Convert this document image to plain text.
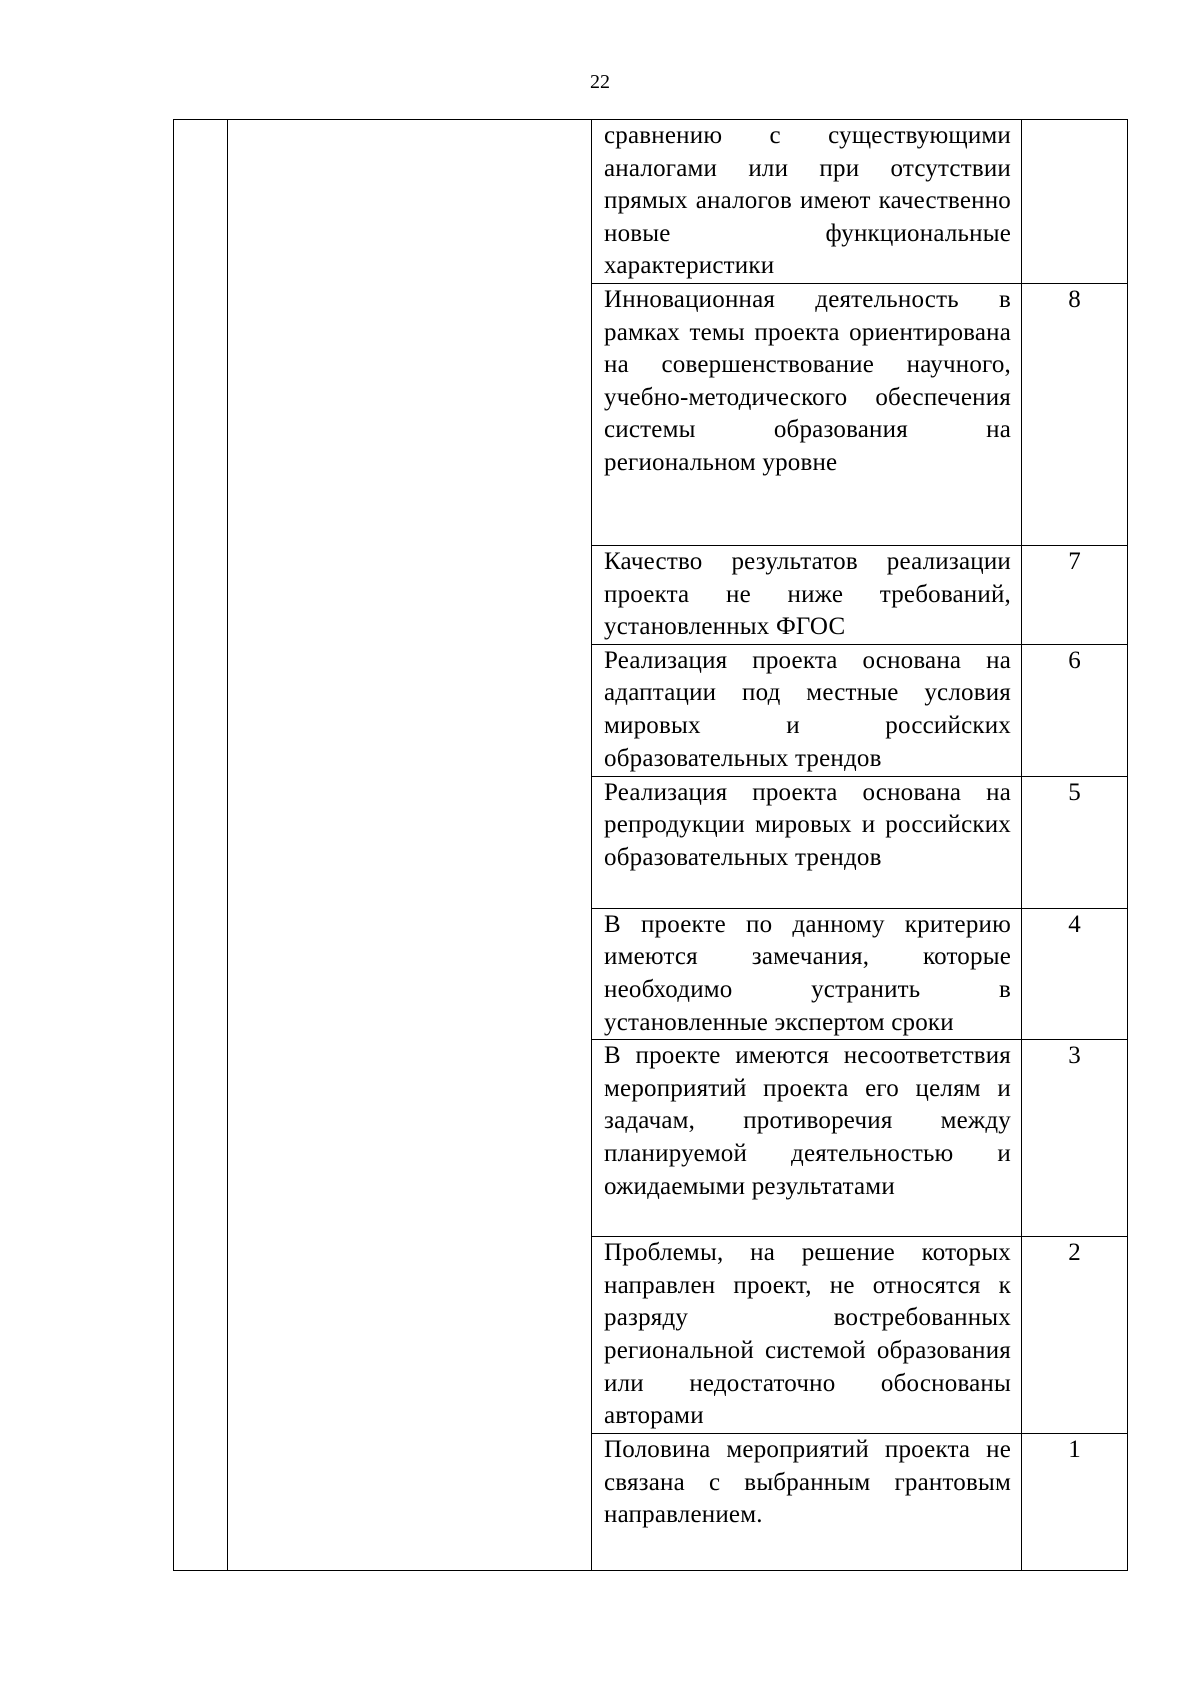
22
		сравнению с существующими аналогами или при отсутствии прямых аналогов имеют качественно новые функциональные характеристики	
		Инновационная деятельность в рамках темы проекта ориентирована на совершенствование научного, учебно-методического обеспечения системы образования на региональном уровне	8
		Качество результатов реализации проекта не ниже требований, установленных ФГОС	7
		Реализация проекта основана на адаптации под местные условия мировых и российских образовательных трендов	6
		Реализация проекта основана на репродукции мировых и российских образовательных трендов	5
		В проекте по данному критерию имеются замечания, которые необходимо устранить в установленные экспертом сроки	4
		В проекте имеются несоответствия мероприятий проекта его целям и задачам, противоречия между планируемой деятельностью и ожидаемыми результатами	3
		Проблемы, на решение которых направлен проект, не относятся к разряду востребованных региональной системой образования или недостаточно обоснованы авторами	2
		Половина мероприятий проекта не связана с выбранным грантовым направлением.	1
